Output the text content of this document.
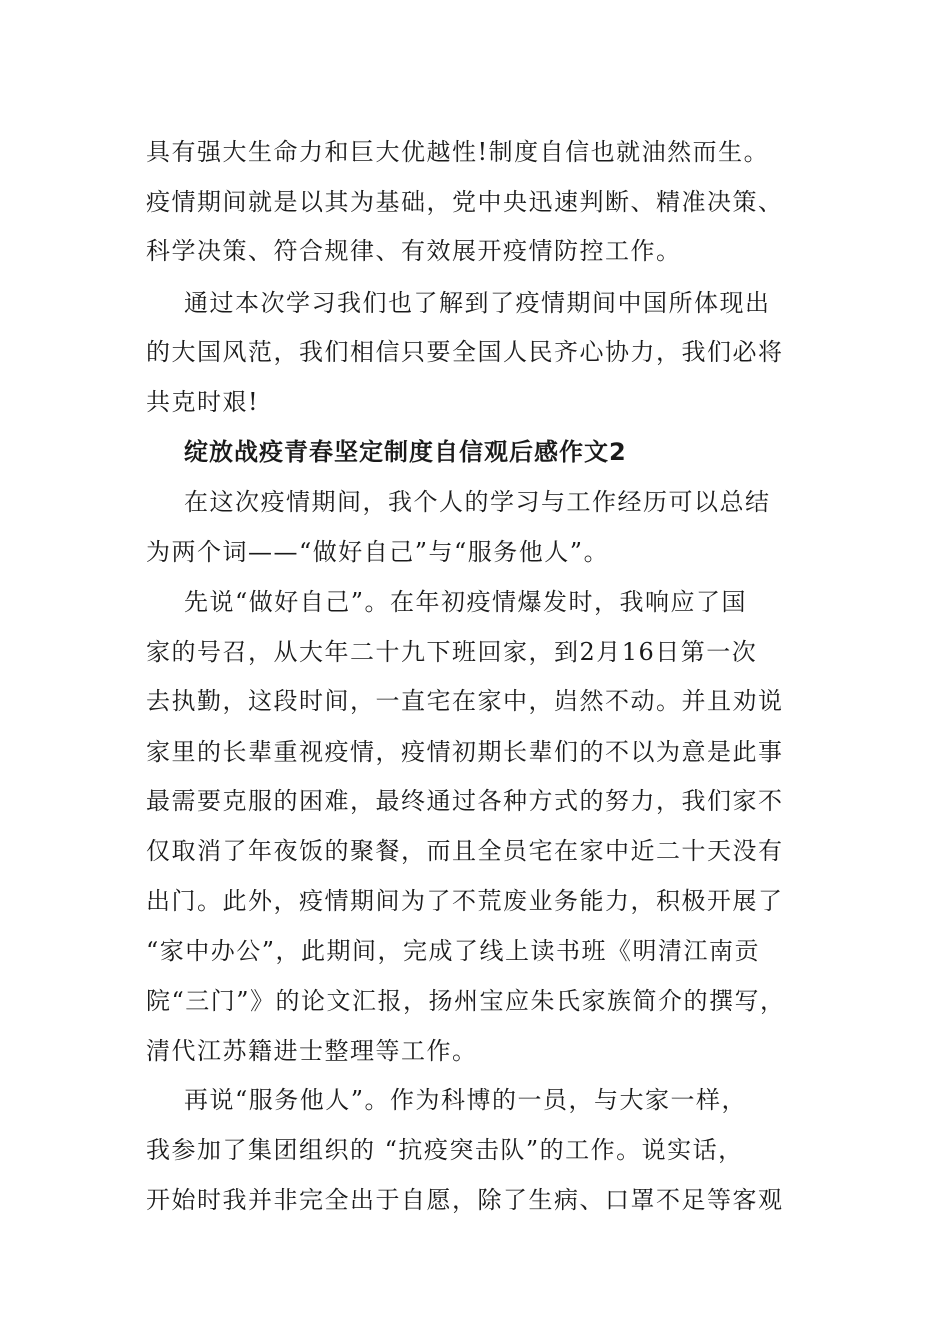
具有强大生命力和巨大优越性!制度自信也就油然而生。
疫情期间就是以其为基础，党中央迅速判断、精准决策、
科学决策、符合规律、有效展开疫情防控工作。
通过本次学习我们也了解到了疫情期间中国所体现出
的大国风范，我们相信只要全国人民齐心协力，我们必将
共克时艰!
绽放战疫青春坚定制度自信观后感作文2
在这次疫情期间，我个人的学习与工作经历可以总结
为两个词——“做好自己”与“服务他人”。
先说“做好自己”。在年初疫情爆发时，我响应了国
家的号召，从大年二十九下班回家，到2月16日第一次
去执勤，这段时间，一直宅在家中，岿然不动。并且劝说
家里的长辈重视疫情，疫情初期长辈们的不以为意是此事
最需要克服的困难，最终通过各种方式的努力，我们家不
仅取消了年夜饭的聚餐，而且全员宅在家中近二十天没有
出门。此外，疫情期间为了不荒废业务能力，积极开展了
“家中办公”，此期间，完成了线上读书班《明清江南贡
院“三门”》的论文汇报，扬州宝应朱氏家族简介的撰写，
清代江苏籍进士整理等工作。
再说“服务他人”。作为科博的一员，与大家一样，
我参加了集团组织的 “抗疫突击队”的工作。说实话，
开始时我并非完全出于自愿，除了生病、口罩不足等客观
